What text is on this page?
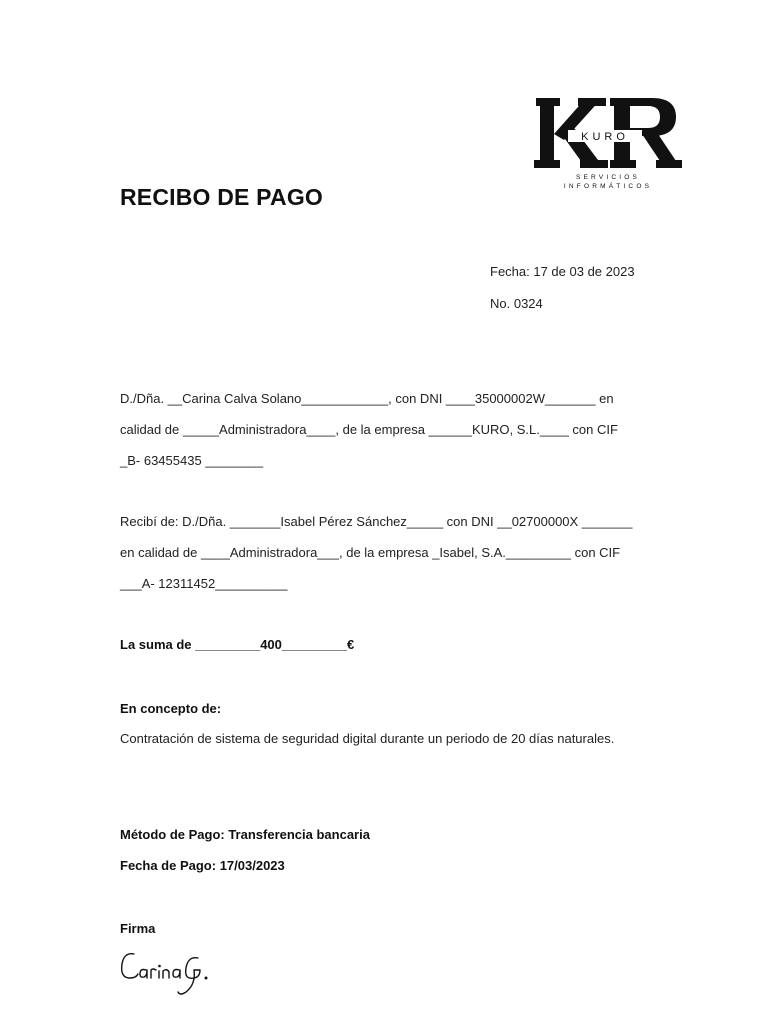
KURO
SERVICIOS
INFORMÁTICOS
RECIBO DE PAGO
Fecha: 17 de 03 de 2023
No. 0324
D./Dña. __Carina Calva Solano____________, con DNI ____35000002W_______ en
calidad de _____Administradora____, de la empresa ______KURO, S.L.____ con CIF
_B- 63455435 ________
Recibí de: D./Dña. _______Isabel Pérez Sánchez_____ con DNI __02700000X _______
en calidad de ____Administradora___, de la empresa _Isabel, S.A._________ con CIF
___A- 12311452__________
La suma de _________400_________€
En concepto de:
Contratación de sistema de seguridad digital durante un periodo de 20 días naturales.
Método de Pago: Transferencia bancaria
Fecha de Pago: 17/03/2023
Firma
